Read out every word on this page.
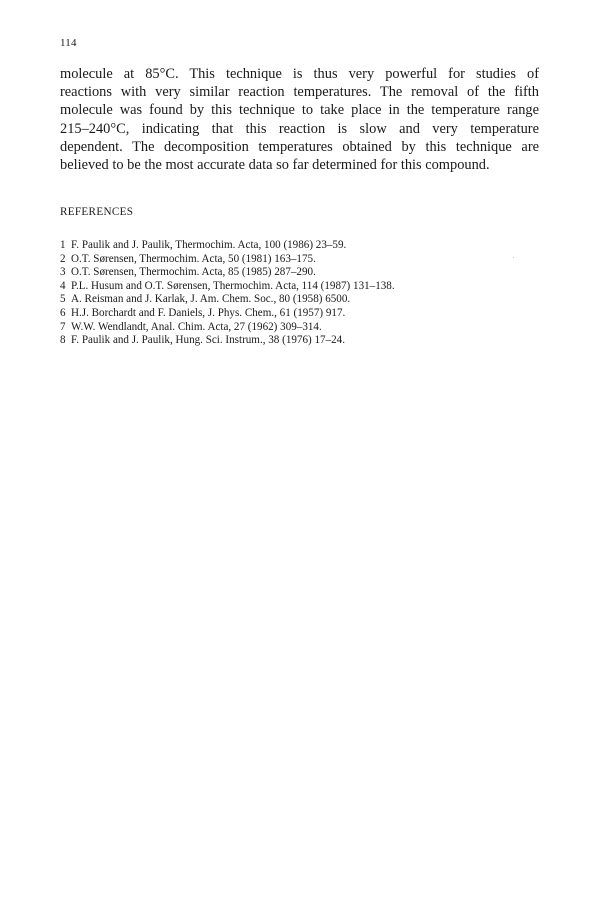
114

molecule at 85°C. This technique is thus very powerful for studies of
reactions with very similar reaction temperatures. The removal of the fifth
molecule was found by this technique to take place in the temperature range
215–240°C, indicating that this reaction is slow and very temperature
dependent. The decomposition temperatures obtained by this technique are
believed to be the most accurate data so far determined for this compound.

REFERENCES
1 F. Paulik and J. Paulik, Thermochim. Acta, 100 (1986) 23–59.
2 O.T. Sørensen, Thermochim. Acta, 50 (1981) 163–175.
3 O.T. Sørensen, Thermochim. Acta, 85 (1985) 287–290.
4 P.L. Husum and O.T. Sørensen, Thermochim. Acta, 114 (1987) 131–138.
5 A. Reisman and J. Karlak, J. Am. Chem. Soc., 80 (1958) 6500.
6 H.J. Borchardt and F. Daniels, J. Phys. Chem., 61 (1957) 917.
7 W.W. Wendlandt, Anal. Chim. Acta, 27 (1962) 309–314.
8 F. Paulik and J. Paulik, Hung. Sci. Instrum., 38 (1976) 17–24.
